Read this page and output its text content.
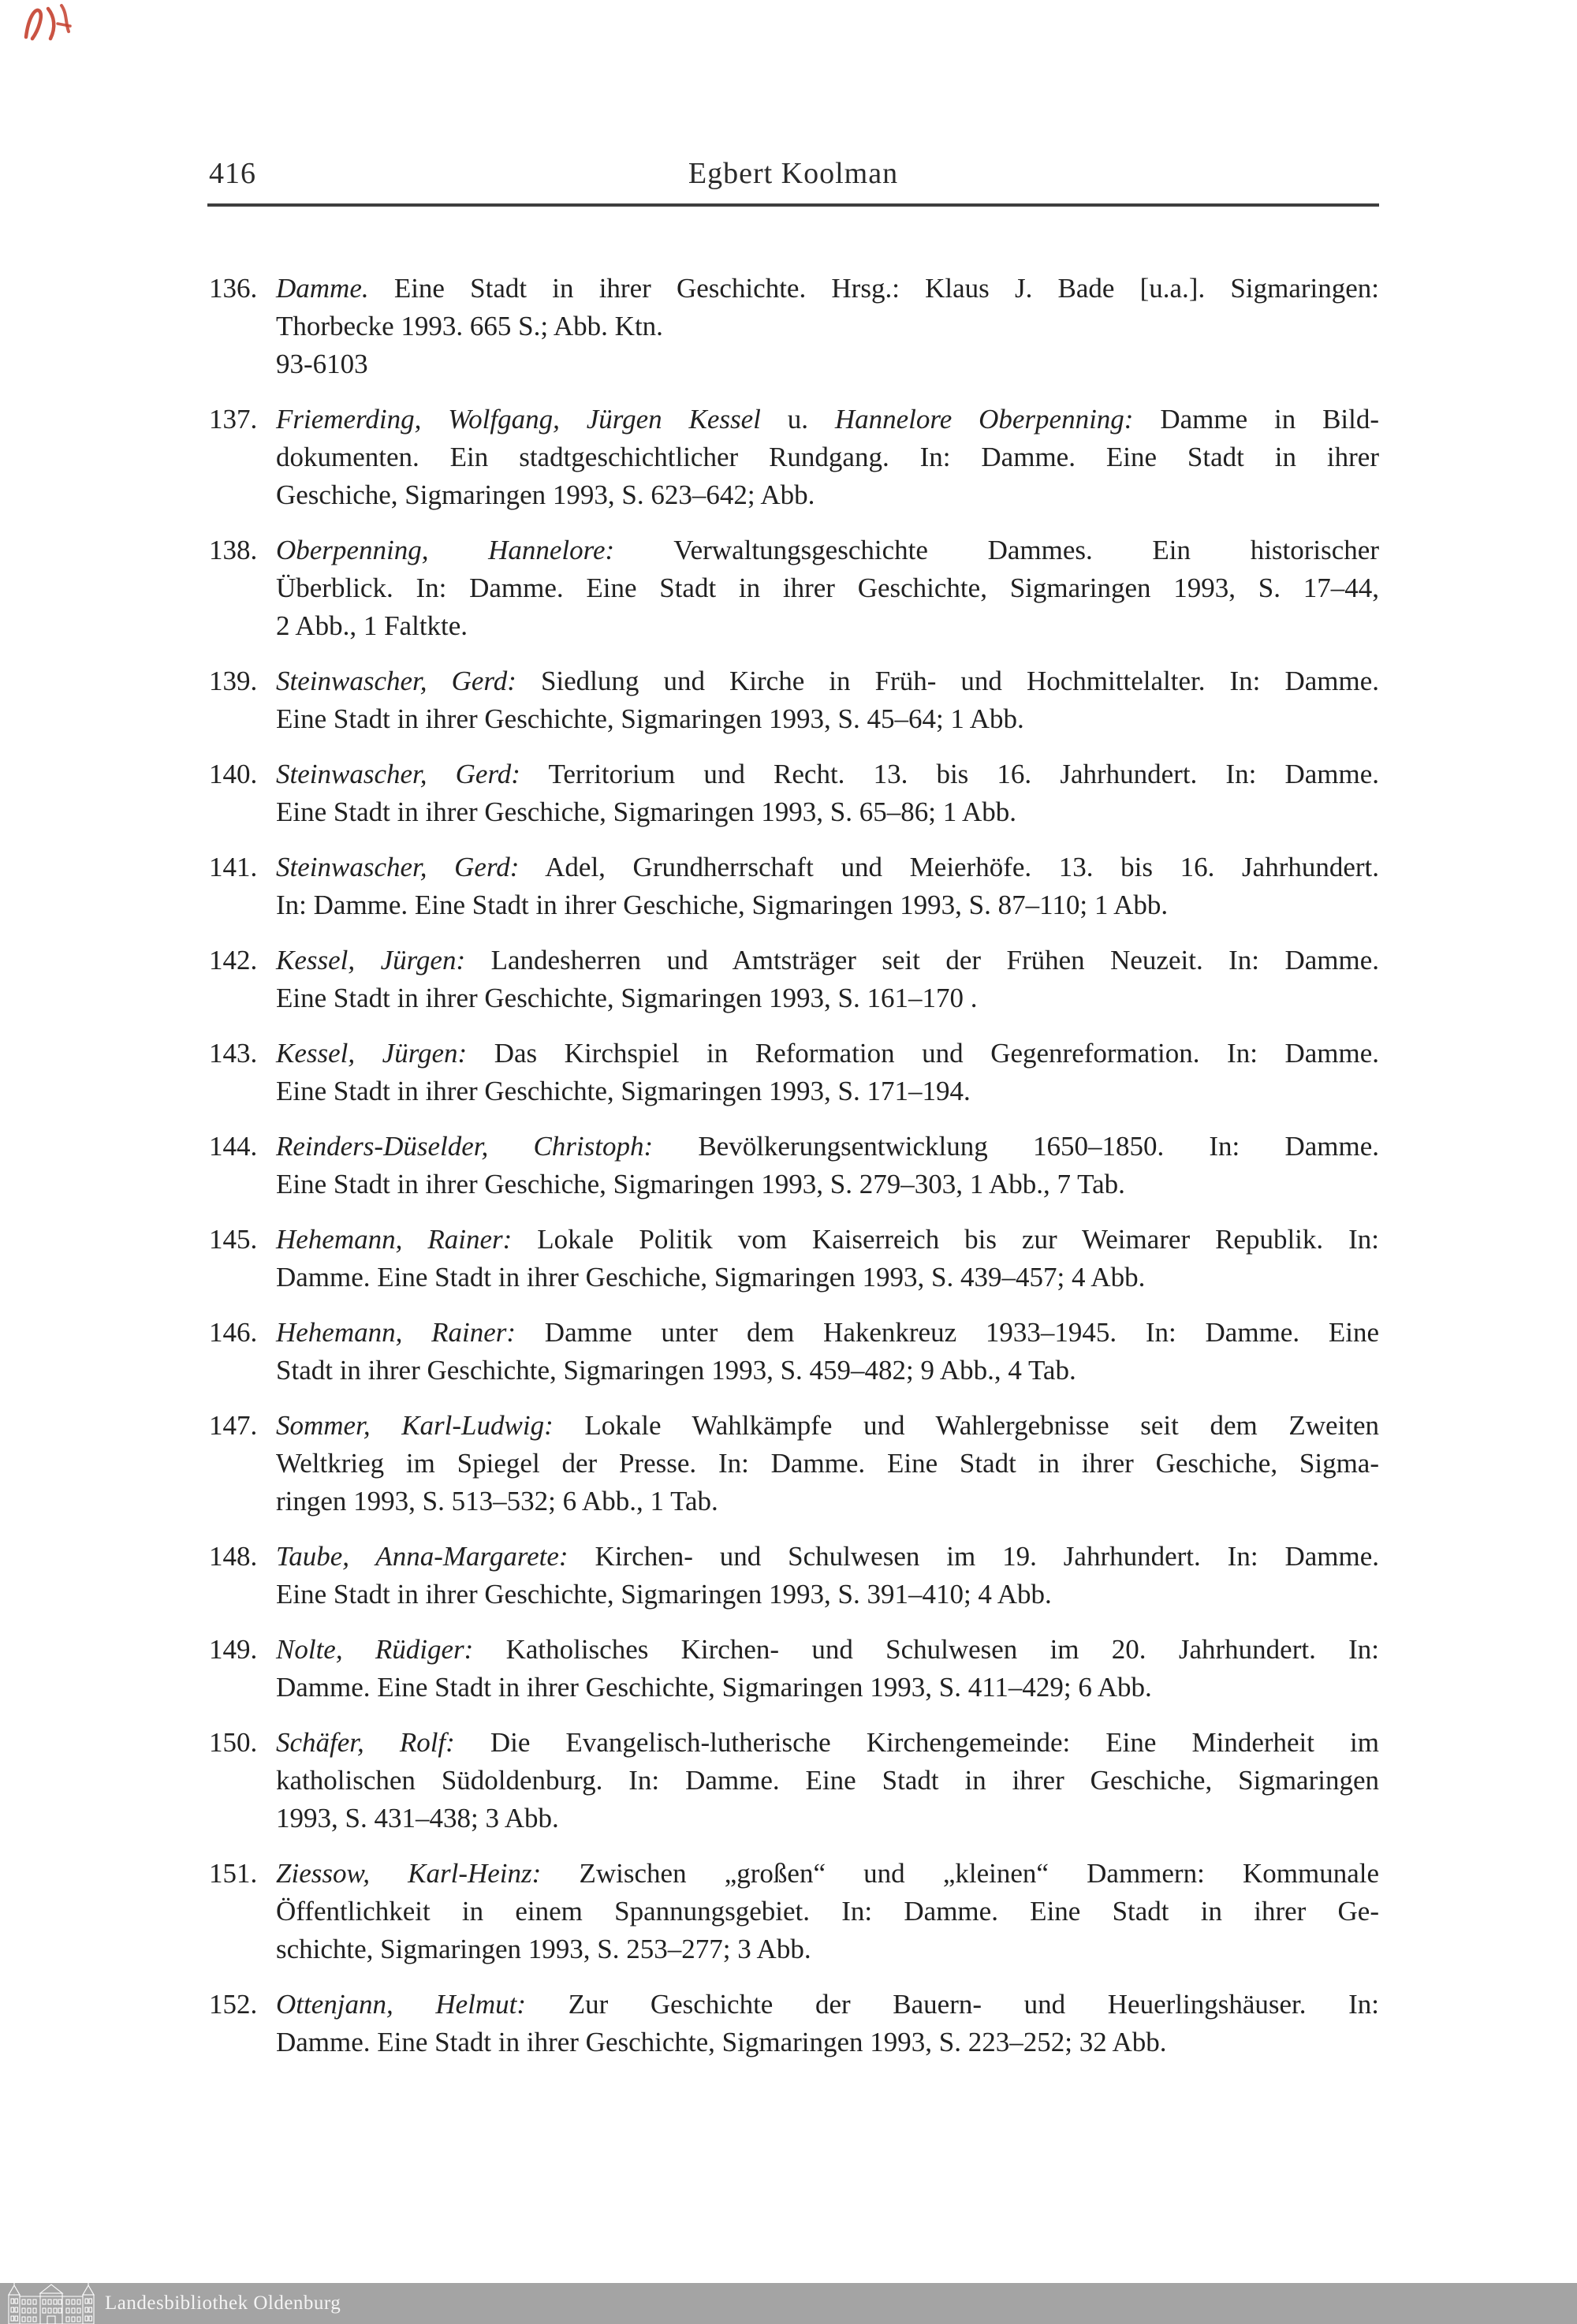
416	Egbert Koolman
136. Damme. Eine Stadt in ihrer Geschichte. Hrsg.: Klaus J. Bade [u.a.]. Sigmaringen:
Thorbecke 1993. 665 S.; Abb. Ktn.
93-6103
137. Friemerding, Wolfgang, Jürgen Kessel u. Hannelore Oberpenning: Damme in Bild-
dokumenten. Ein stadtgeschichtlicher Rundgang. In: Damme. Eine Stadt in ihrer
Geschiche, Sigmaringen 1993, S. 623–642; Abb.
138. Oberpenning, Hannelore: Verwaltungsgeschichte Dammes. Ein historischer
Überblick. In: Damme. Eine Stadt in ihrer Geschichte, Sigmaringen 1993, S. 17–44,
2 Abb., 1 Faltkte.
139. Steinwascher, Gerd: Siedlung und Kirche in Früh- und Hochmittelalter. In: Damme.
Eine Stadt in ihrer Geschichte, Sigmaringen 1993, S. 45–64; 1 Abb.
140. Steinwascher, Gerd: Territorium und Recht. 13. bis 16. Jahrhundert. In: Damme.
Eine Stadt in ihrer Geschiche, Sigmaringen 1993, S. 65–86; 1 Abb.
141. Steinwascher, Gerd: Adel, Grundherrschaft und Meierhöfe. 13. bis 16. Jahrhundert.
In: Damme. Eine Stadt in ihrer Geschiche, Sigmaringen 1993, S. 87–110; 1 Abb.
142. Kessel, Jürgen: Landesherren und Amtsträger seit der Frühen Neuzeit. In: Damme.
Eine Stadt in ihrer Geschichte, Sigmaringen 1993, S. 161–170 .
143. Kessel, Jürgen: Das Kirchspiel in Reformation und Gegenreformation. In: Damme.
Eine Stadt in ihrer Geschichte, Sigmaringen 1993, S. 171–194.
144. Reinders-Düselder, Christoph: Bevölkerungsentwicklung 1650–1850. In: Damme.
Eine Stadt in ihrer Geschiche, Sigmaringen 1993, S. 279–303, 1 Abb., 7 Tab.
145. Hehemann, Rainer: Lokale Politik vom Kaiserreich bis zur Weimarer Republik. In:
Damme. Eine Stadt in ihrer Geschiche, Sigmaringen 1993, S. 439–457; 4 Abb.
146. Hehemann, Rainer: Damme unter dem Hakenkreuz 1933–1945. In: Damme. Eine
Stadt in ihrer Geschichte, Sigmaringen 1993, S. 459–482; 9 Abb., 4 Tab.
147. Sommer, Karl-Ludwig: Lokale Wahlkämpfe und Wahlergebnisse seit dem Zweiten
Weltkrieg im Spiegel der Presse. In: Damme. Eine Stadt in ihrer Geschiche, Sigma-
ringen 1993, S. 513–532; 6 Abb., 1 Tab.
148. Taube, Anna-Margarete: Kirchen- und Schulwesen im 19. Jahrhundert. In: Damme.
Eine Stadt in ihrer Geschichte, Sigmaringen 1993, S. 391–410; 4 Abb.
149. Nolte, Rüdiger: Katholisches Kirchen- und Schulwesen im 20. Jahrhundert. In:
Damme. Eine Stadt in ihrer Geschichte, Sigmaringen 1993, S. 411–429; 6 Abb.
150. Schäfer, Rolf: Die Evangelisch-lutherische Kirchengemeinde: Eine Minderheit im
katholischen Südoldenburg. In: Damme. Eine Stadt in ihrer Geschiche, Sigmaringen
1993, S. 431–438; 3 Abb.
151. Ziessow, Karl-Heinz: Zwischen „großen“ und „kleinen“ Dammern: Kommunale
Öffentlichkeit in einem Spannungsgebiet. In: Damme. Eine Stadt in ihrer Ge-
schichte, Sigmaringen 1993, S. 253–277; 3 Abb.
152. Ottenjann, Helmut: Zur Geschichte der Bauern- und Heuerlingshäuser. In:
Damme. Eine Stadt in ihrer Geschichte, Sigmaringen 1993, S. 223–252; 32 Abb.
Landesbibliothek Oldenburg
